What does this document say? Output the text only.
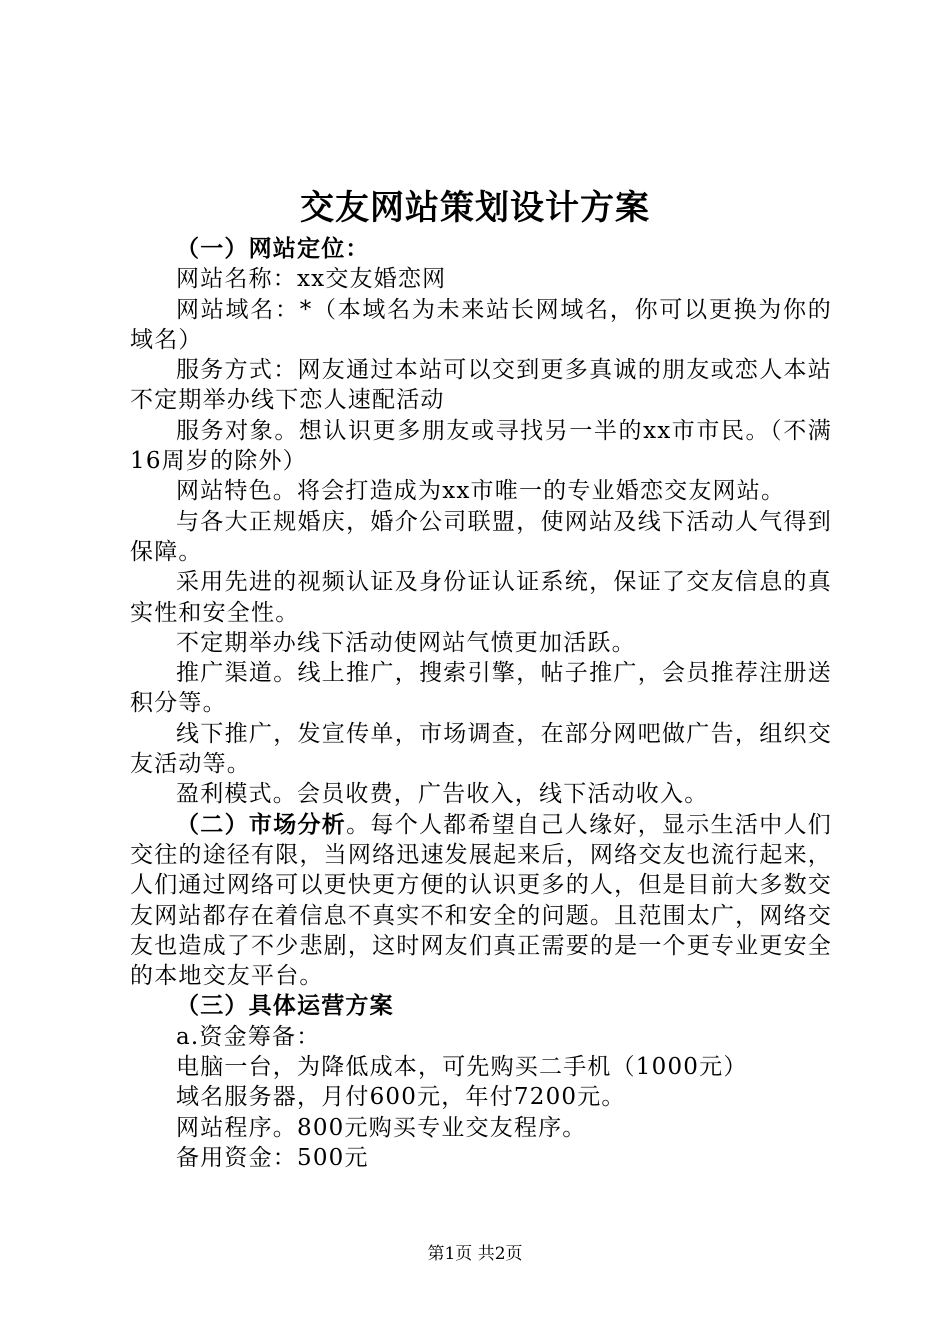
交友网站策划设计方案

（一）网站定位：

网站名称：xx交友婚恋网

网站域名：*（本域名为未来站长网域名，你可以更换为你的域名）

服务方式：网友通过本站可以交到更多真诚的朋友或恋人本站不定期举办线下恋人速配活动

服务对象。想认识更多朋友或寻找另一半的xx市市民。（不满16周岁的除外）

网站特色。将会打造成为xx市唯一的专业婚恋交友网站。

与各大正规婚庆，婚介公司联盟，使网站及线下活动人气得到保障。

采用先进的视频认证及身份证认证系统，保证了交友信息的真实性和安全性。

不定期举办线下活动使网站气愤更加活跃。

推广渠道。线上推广，搜索引擎，帖子推广，会员推荐注册送积分等。

线下推广，发宣传单，市场调查，在部分网吧做广告，组织交友活动等。

盈利模式。会员收费，广告收入，线下活动收入。

（二）市场分析。每个人都希望自己人缘好，显示生活中人们交往的途径有限，当网络迅速发展起来后，网络交友也流行起来，人们通过网络可以更快更方便的认识更多的人，但是目前大多数交友网站都存在着信息不真实不和安全的问题。且范围太广，网络交友也造成了不少悲剧，这时网友们真正需要的是一个更专业更安全的本地交友平台。

（三）具体运营方案

a.资金筹备：

电脑一台，为降低成本，可先购买二手机（1000元）

域名服务器，月付600元，年付7200元。

网站程序。800元购买专业交友程序。

备用资金：500元

第1页 共2页
